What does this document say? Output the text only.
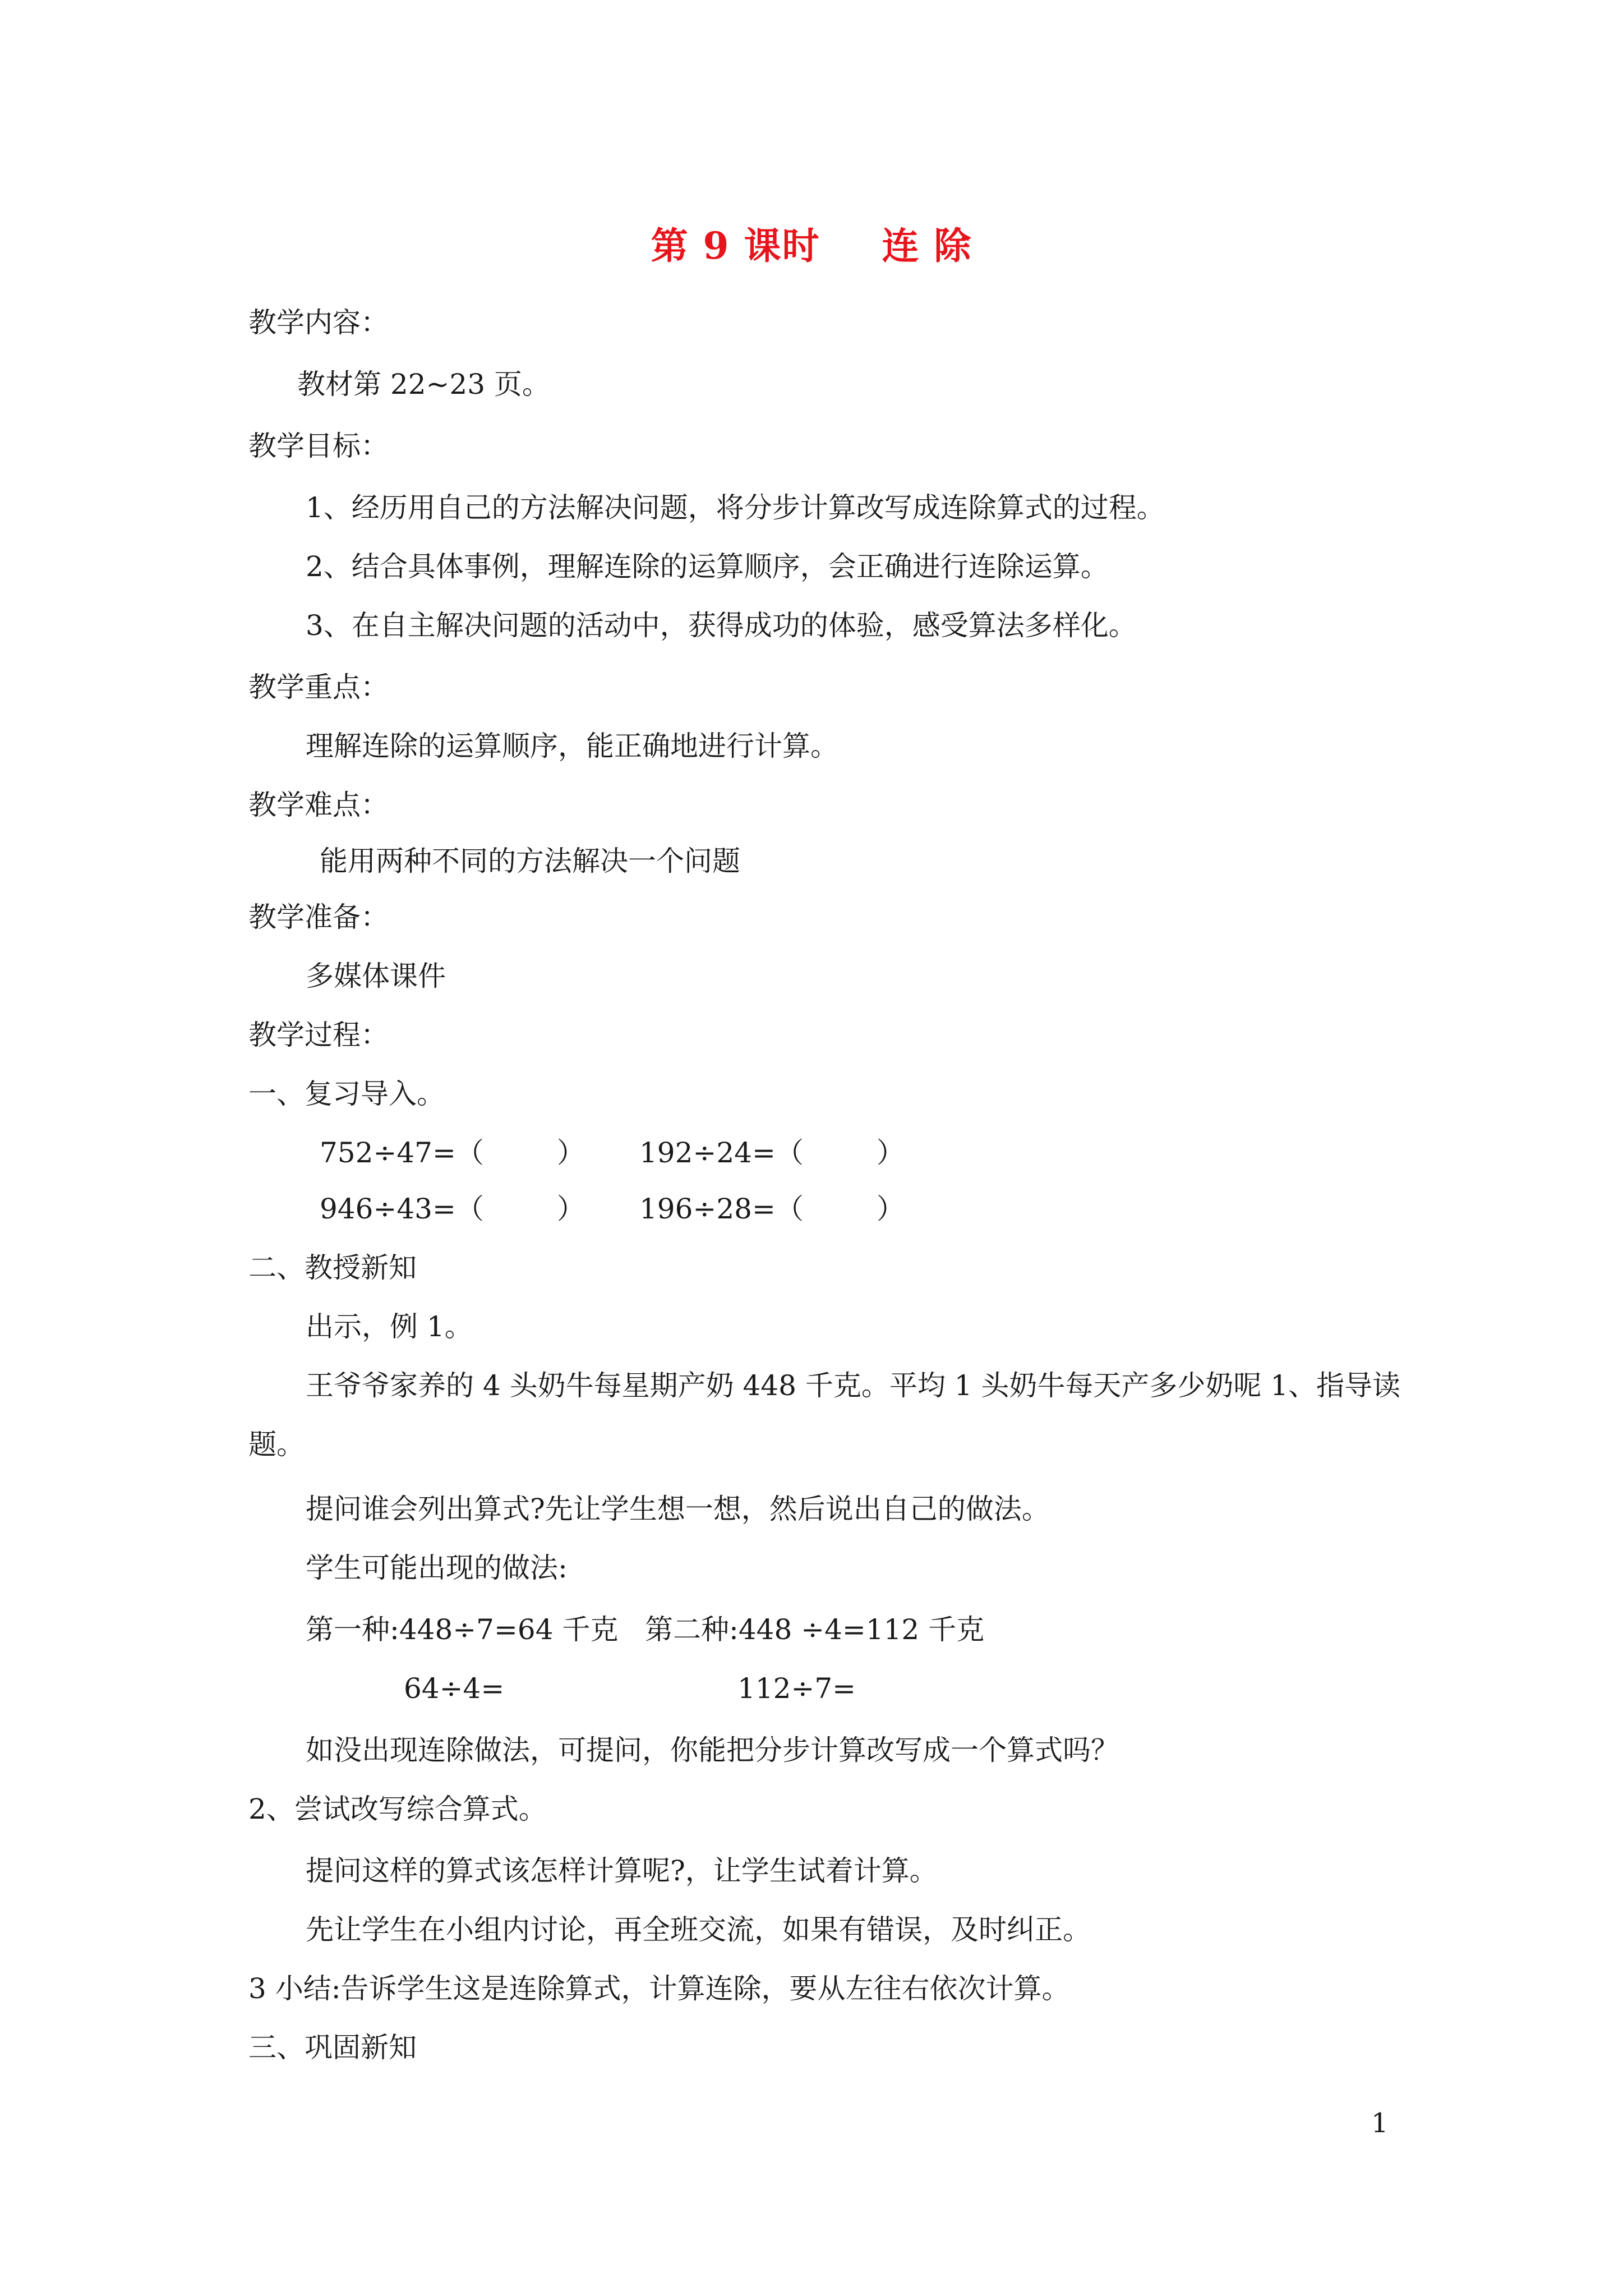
第 9 课时 连 除
教学内容：
教材第 22~23 页。
教学目标：
1、经历用自己的方法解决问题，将分步计算改写成连除算式的过程。
2、结合具体事例，理解连除的运算顺序，会正确进行连除运算。
3、在自主解决问题的活动中，获得成功的体验，感受算法多样化。
教学重点：
理解连除的运算顺序，能正确地进行计算。
教学难点：
能用两种不同的方法解决一个问题
教学准备：
多媒体课件
教学过程：
一、复习导入。
752÷47=（	） 192÷24=（	）
946÷43=（	） 196÷28=（	）
二、教授新知
出示，例 1。
王爷爷家养的 4 头奶牛每星期产奶 448 千克。平均 1 头奶牛每天产多少奶呢 1、指导读
题。
提问谁会列出算式?先让学生想一想，然后说出自己的做法。
学生可能出现的做法:
第一种:448÷7=64 千克 第二种:448 ÷4=112 千克
64÷4=	112÷7=
如没出现连除做法，可提问，你能把分步计算改写成一个算式吗？
2、尝试改写综合算式。
提问这样的算式该怎样计算呢?，让学生试着计算。
先让学生在小组内讨论，再全班交流，如果有错误，及时纠正。
3 小结:告诉学生这是连除算式，计算连除，要从左往右依次计算。
三、巩固新知
1
